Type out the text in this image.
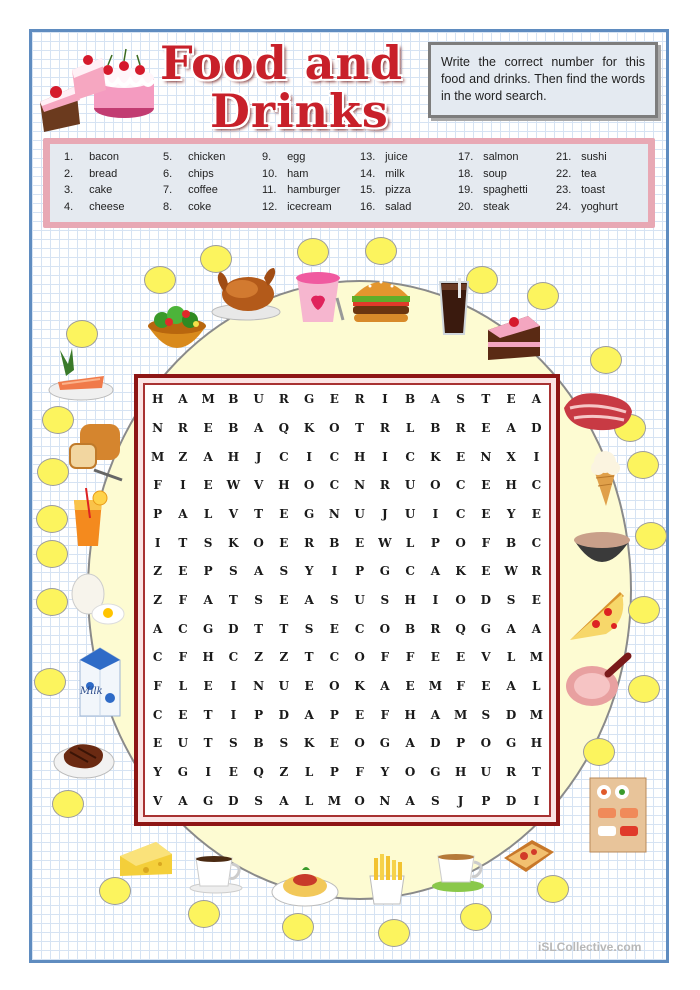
Food and
Drinks
Write the correct number for this food and drinks. Then find the words in the word search.
1. bacon
2. bread
3. cake
4. cheese
5. chicken
6. chips
7. coffee
8. coke
9. egg
10. ham
11. hamburger
12. icecream
13. juice
14. milk
15. pizza
16. salad
17. salmon
18. soup
19. spaghetti
20. steak
21. sushi
22. tea
23. toast
24. yoghurt
H	A	M	B	U	R	G	E	R	I	B	A	S	T	E	A
N	R	E	B	A	Q	K	O	T	R	L	B	R	E	A	D
M	Z	A	H	J	C	I	C	H	I	C	K	E	N	X	I
F	I	E	W	V	H	O	C	N	R	U	O	C	E	H	C
P	A	L	V	T	E	G	N	U	J	U	I	C	E	Y	E
I	T	S	K	O	E	R	B	E	W	L	P	O	F	B	C
Z	E	P	S	A	S	Y	I	P	G	C	A	K	E	W	R
Z	F	A	T	S	E	A	S	U	S	H	I	O	D	S	E
A	C	G	D	T	T	S	E	C	O	B	R	Q	G	A	A
C	F	H	C	Z	Z	T	C	O	F	F	E	E	V	L	M
F	L	E	I	N	U	E	O	K	A	E	M	F	E	A	L
C	E	T	I	P	D	A	P	E	F	H	A	M	S	D	M
E	U	T	S	B	S	K	E	O	G	A	D	P	O	G	H
Y	G	I	E	Q	Z	L	P	F	Y	O	G	H	U	R	T
V	A	G	D	S	A	L	M	O	N	A	S	J	P	D	I
Milk
iSLCollective.com
